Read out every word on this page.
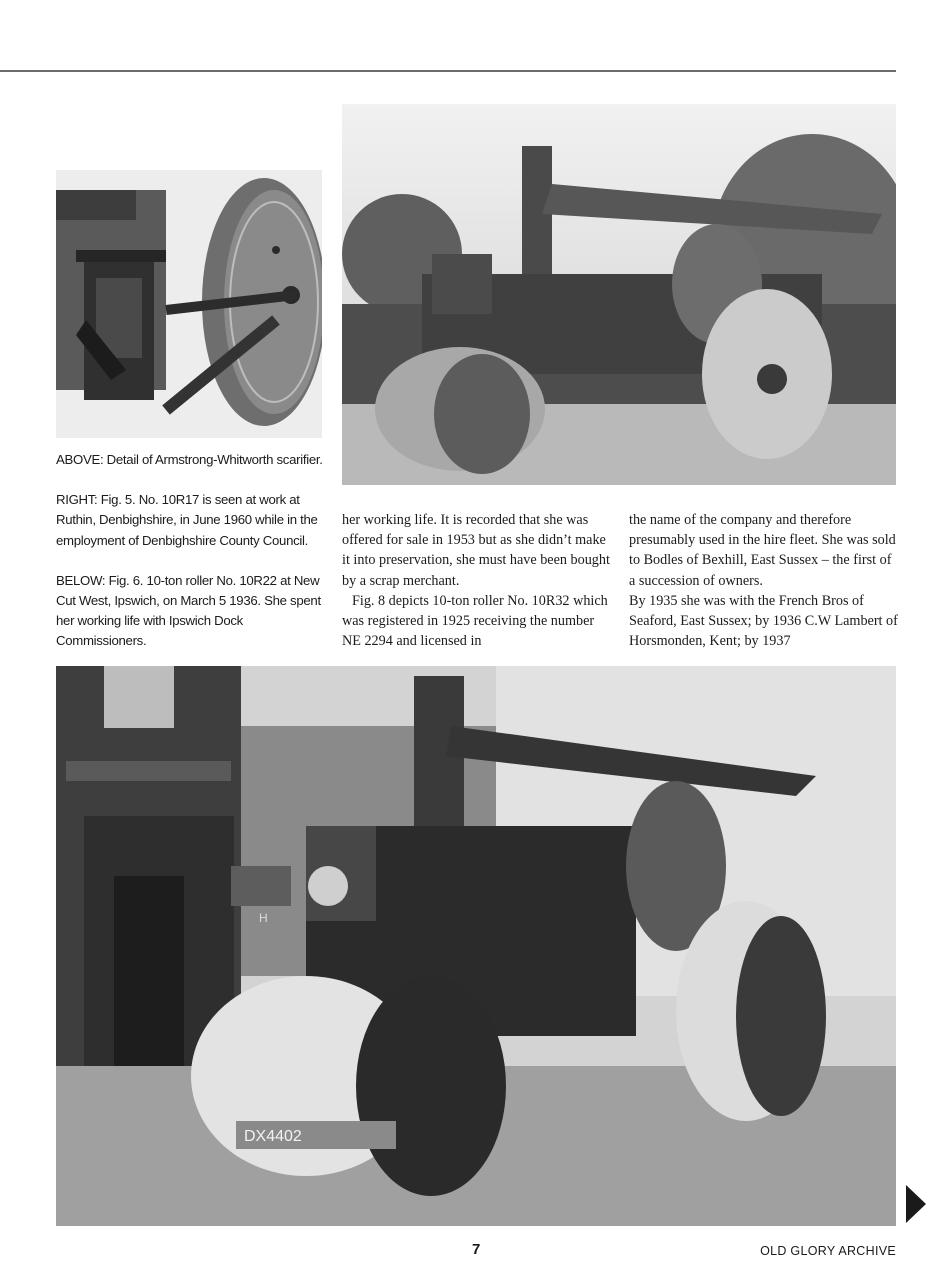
ABOVE: Detail of Armstrong-Whitworth scarifier.

RIGHT: Fig. 5. No. 10R17 is seen at work at Ruthin, Denbighshire, in June 1960 while in the employment of Denbighshire County Council.

BELOW: Fig. 6. 10-ton roller No. 10R22 at New Cut West, Ipswich, on March 5 1936. She spent her working life with Ipswich Dock Commissioners.

her working life. It is recorded that she was offered for sale in 1953 but as she didn’t make it into preservation, she must have been bought by a scrap merchant.

Fig. 8 depicts 10-ton roller No. 10R32 which was registered in 1925 receiving the number NE 2294 and licensed in

the name of the company and therefore presumably used in the hire fleet. She was sold to Bodles of Bexhill, East Sussex – the first of a succession of owners.

By 1935 she was with the French Bros of Seaford, East Sussex; by 1936 C.W Lambert of Horsmonden, Kent; by 1937

H
DX4402
7	OLD GLORY ARCHIVE
